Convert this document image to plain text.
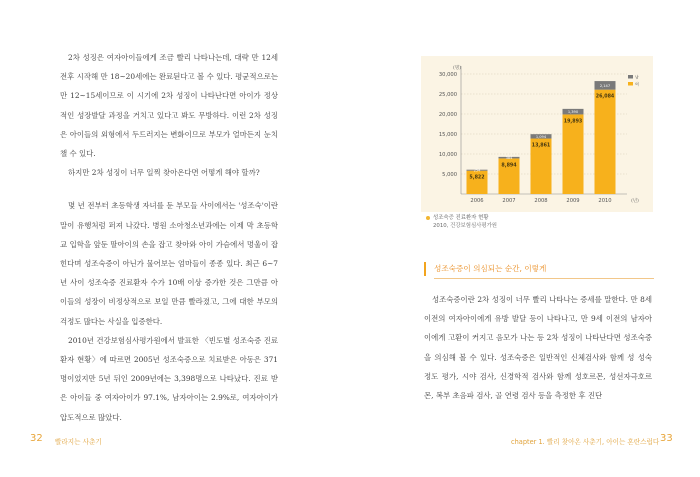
2차 성징은 여자아이들에게 조금 빨리 나타나는데, 대략 만 12세 전후 시작해 만 18~20세에는 완료된다고 볼 수 있다. 평균적으로는 만 12~15세이므로 이 시기에 2차 성징이 나타난다면 아이가 정상적인 성장발달 과정을 거치고 있다고 봐도 무방하다. 이런 2차 성징은 아이들의 외형에서 두드러지는 변화이므로 부모가 얼마든지 눈치 챌 수 있다.

하지만 2차 성징이 너무 일찍 찾아온다면 어떻게 해야 할까?

몇 년 전부터 초등학생 자녀를 둔 부모들 사이에서는 '성조숙'이란 말이 유행처럼 퍼져 나갔다. 병원 소아청소년과에는 이제 막 초등학교 입학을 앞둔 딸아이의 손을 잡고 찾아와 아이 가슴에서 멍울이 잡힌다며 성조숙증이 아닌가 물어보는 엄마들이 종종 있다. 최근 6~7년 사이 성조숙증 진료환자 수가 10배 이상 증가한 것은 그만큼 아이들의 성장이 비정상적으로 보일 만큼 빨라졌고, 그에 대한 부모의 걱정도 많다는 사실을 입증한다.

2010년 건강보험심사평가원에서 발표한 〈빈도별 성조숙증 진료환자 현황〉에 따르면 2005년 성조숙증으로 치료받은 아동은 371명이었지만 5년 뒤인 2009년에는 3,398명으로 나타났다. 진료 받은 아이들 중 여자아이가 97.1%, 남자아이는 2.9%로, 여자아이가 압도적으로 많았다.

(명)
5,000
10,000
15,000
20,000
25,000
30,000
5,822
254
2006
8,894
384
2007
13,861
1,094
2008
19,893
1,390
2009
26,084
2,147
2010	(년)
남
여
성조숙증 진료환자 현황
2010, 건강보험심사평가원
성조숙증이 의심되는 순간, 이렇게

성조숙증이란 2차 성징이 너무 빨리 나타나는 증세를 말한다. 만 8세 이전의 여자아이에게 유방 발달 등이 나타나고, 만 9세 이전의 남자아이에게 고환이 커지고 음모가 나는 등 2차 성징이 나타난다면 성조숙증을 의심해 볼 수 있다. 성조숙증은 일반적인 신체검사와 함께 성 성숙 정도 평가, 시야 검사, 신경학적 검사와 함께 성호르몬, 성선자극호르몬, 복부 초음파 검사, 골 연령 검사 등을 측정한 후 진단

32 빨라지는 사춘기	chapter 1. 빨리 찾아온 사춘기, 아이는 혼란스럽다 33
